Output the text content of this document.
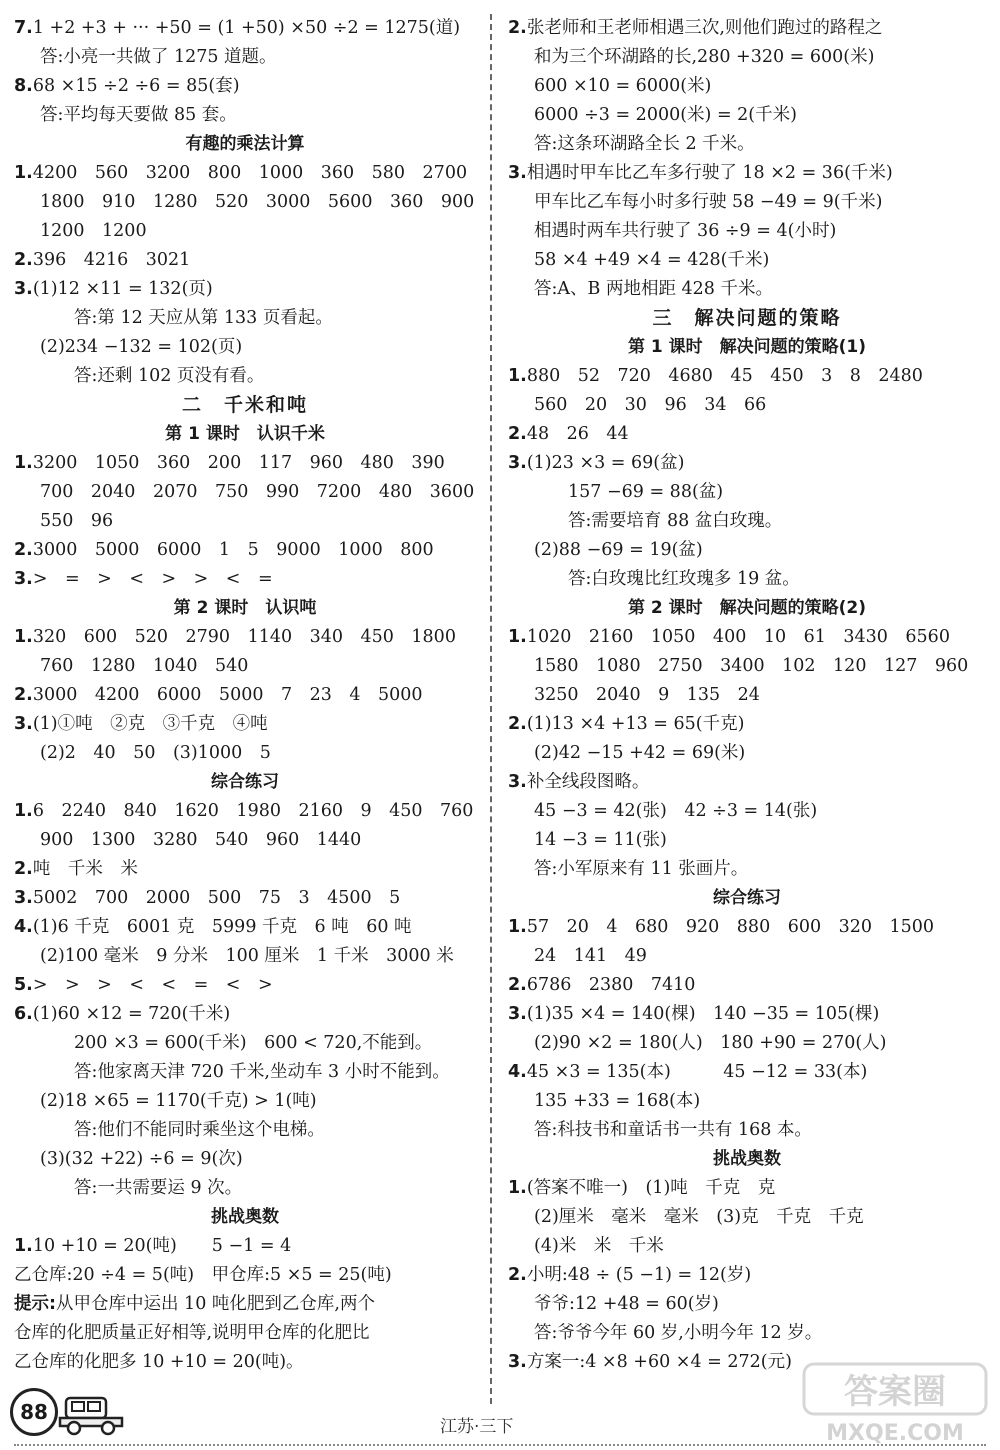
7.1 +2 +3 + ··· +50 = (1 +50) ×50 ÷2 = 1275(道)
答:小亮一共做了 1275 道题。
8.68 ×15 ÷2 ÷6 = 85(套)
答:平均每天要做 85 套。
有趣的乘法计算
1.4200　560　3200　800　1000　360　580　2700
1800　910　1280　520　3000　5600　360　900
1200　1200
2.396　4216　3021
3.(1)12 ×11 = 132(页)
答:第 12 天应从第 133 页看起。
(2)234 −132 = 102(页)
答:还剩 102 页没有看。
二　千米和吨
第 1 课时　认识千米
1.3200　1050　360　200　117　960　480　390
700　2040　2070　750　990　7200　480　3600
550　96
2.3000　5000　6000　1　5　9000　1000　800
3.>　=　>　<　>　>　<　=
第 2 课时　认识吨
1.320　600　520　2790　1140　340　450　1800
760　1280　1040　540
2.3000　4200　6000　5000　7　23　4　5000
3.(1)①吨　②克　③千克　④吨
(2)2　40　50　(3)1000　5
综合练习
1.6　2240　840　1620　1980　2160　9　450　760
900　1300　3280　540　960　1440
2.吨　千米　米
3.5002　700　2000　500　75　3　4500　5
4.(1)6 千克　6001 克　5999 千克　6 吨　60 吨
(2)100 毫米　9 分米　100 厘米　1 千米　3000 米
5.>　>　>　<　<　=　<　>
6.(1)60 ×12 = 720(千米)
200 ×3 = 600(千米)　600 < 720,不能到。
答:他家离天津 720 千米,坐动车 3 小时不能到。
(2)18 ×65 = 1170(千克) > 1(吨)
答:他们不能同时乘坐这个电梯。
(3)(32 +22) ÷6 = 9(次)
答:一共需要运 9 次。
挑战奥数
1.10 +10 = 20(吨)　　5 −1 = 4
乙仓库:20 ÷4 = 5(吨)　甲仓库:5 ×5 = 25(吨)
提示:从甲仓库中运出 10 吨化肥到乙仓库,两个
仓库的化肥质量正好相等,说明甲仓库的化肥比
乙仓库的化肥多 10 +10 = 20(吨)。
2.张老师和王老师相遇三次,则他们跑过的路程之
和为三个环湖路的长,280 +320 = 600(米)
600 ×10 = 6000(米)
6000 ÷3 = 2000(米) = 2(千米)
答:这条环湖路全长 2 千米。
3.相遇时甲车比乙车多行驶了 18 ×2 = 36(千米)
甲车比乙车每小时多行驶 58 −49 = 9(千米)
相遇时两车共行驶了 36 ÷9 = 4(小时)
58 ×4 +49 ×4 = 428(千米)
答:A、B 两地相距 428 千米。
三　解决问题的策略
第 1 课时　解决问题的策略(1)
1.880　52　720　4680　45　450　3　8　2480
560　20　30　96　34　66
2.48　26　44
3.(1)23 ×3 = 69(盆)
157 −69 = 88(盆)
答:需要培育 88 盆白玫瑰。
(2)88 −69 = 19(盆)
答:白玫瑰比红玫瑰多 19 盆。
第 2 课时　解决问题的策略(2)
1.1020　2160　1050　400　10　61　3430　6560
1580　1080　2750　3400　102　120　127　960
3250　2040　9　135　24
2.(1)13 ×4 +13 = 65(千克)
(2)42 −15 +42 = 69(米)
3.补全线段图略。
45 −3 = 42(张)　42 ÷3 = 14(张)
14 −3 = 11(张)
答:小军原来有 11 张画片。
综合练习
1.57　20　4　680　920　880　600　320　1500
24　141　49
2.6786　2380　7410
3.(1)35 ×4 = 140(棵)　140 −35 = 105(棵)
(2)90 ×2 = 180(人)　180 +90 = 270(人)
4.45 ×3 = 135(本)　　　45 −12 = 33(本)
135 +33 = 168(本)
答:科技书和童话书一共有 168 本。
挑战奥数
1.(答案不唯一)　(1)吨　千克　克
(2)厘米　毫米　毫米　(3)克　千克　千克
(4)米　米　千米
2.小明:48 ÷ (5 −1) = 12(岁)
爷爷:12 +48 = 60(岁)
答:爷爷今年 60 岁,小明今年 12 岁。
3.方案一:4 ×8 +60 ×4 = 272(元)
88
江苏·三下
答案圈
MXQE.COM
